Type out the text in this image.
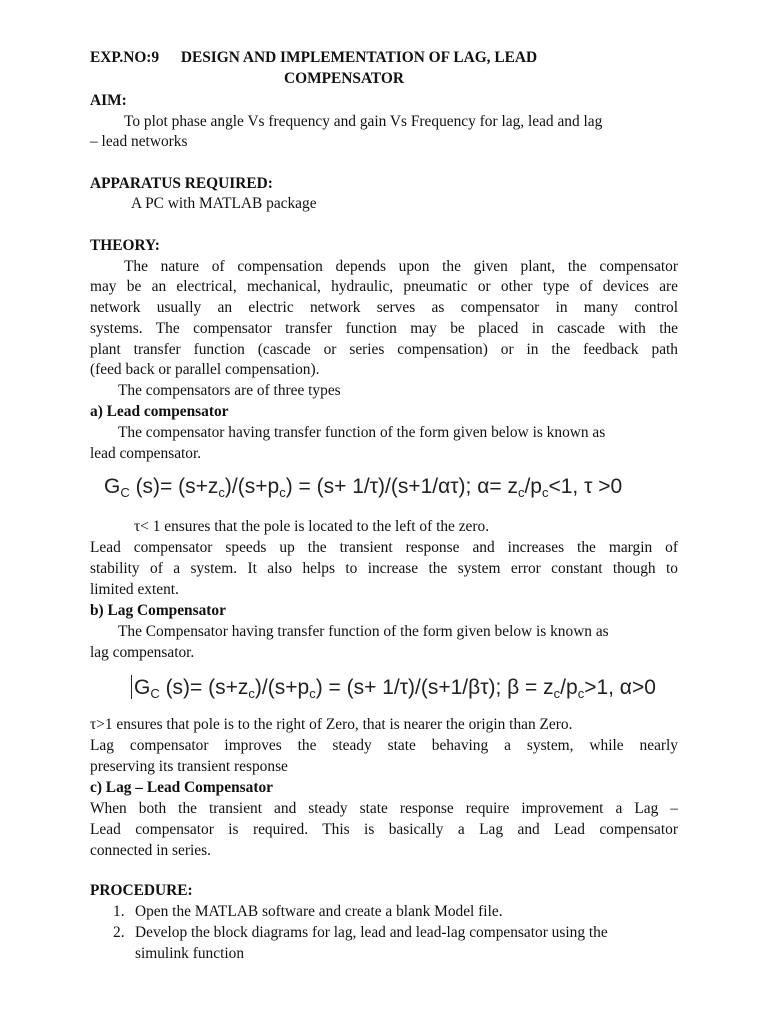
EXP.NO:9 DESIGN AND IMPLEMENTATION OF LAG, LEAD
COMPENSATOR
AIM:
To plot phase angle Vs frequency and gain Vs Frequency for lag, lead and lag
– lead networks
APPARATUS REQUIRED:
A PC with MATLAB package
THEORY:
The nature of compensation depends upon the given plant, the compensator
may be an electrical, mechanical, hydraulic, pneumatic or other type of devices are
network usually an electric network serves as compensator in many control
systems. The compensator transfer function may be placed in cascade with the
plant transfer function (cascade or series compensation) or in the feedback path
(feed back or parallel compensation).
The compensators are of three types
a) Lead compensator
The compensator having transfer function of the form given below is known as
lead compensator.
$G_C$ $(s)= (s+z_c)/(s+p_c) = (s+ 1/\tau)/(s+1/\alpha\tau)$; $\alpha= z_c/p_c<1$, τ >0
τ< 1 ensures that the pole is located to the left of the zero.
Lead compensator speeds up the transient response and increases the margin of
stability of a system. It also helps to increase the system error constant though to
limited extent.
b) Lag Compensator
The Compensator having transfer function of the form given below is known as
lag compensator.
$G_C$ $(s)= (s+z_c)/(s+p_c) = (s+ 1/\tau)/(s+1/\beta\tau)$; $\beta = z_c/p_c>1$, α>0
τ>1 ensures that pole is to the right of Zero, that is nearer the origin than Zero.
Lag compensator improves the steady state behaving a system, while nearly
preserving its transient response
c) Lag – Lead Compensator
When both the transient and steady state response require improvement a Lag –
Lead compensator is required. This is basically a Lag and Lead compensator
connected in series.
PROCEDURE:
1. Open the MATLAB software and create a blank Model file.
2. Develop the block diagrams for lag, lead and lead-lag compensator using the
simulink function
